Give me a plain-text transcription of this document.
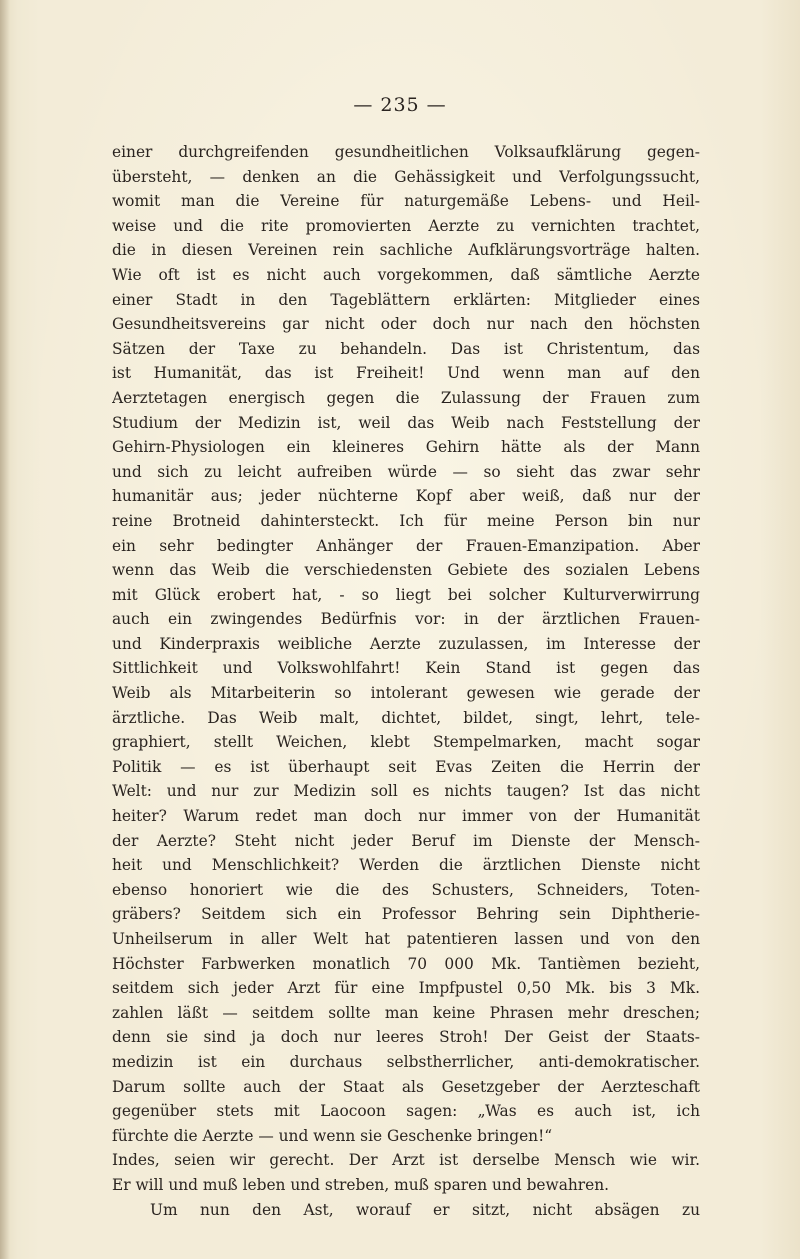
— 235 —
einer durchgreifenden gesundheitlichen Volksaufklärung gegen-
übersteht, — denken an die Gehässigkeit und Verfolgungssucht,
womit man die Vereine für naturgemäße Lebens- und Heil-
weise und die rite promovierten Aerzte zu vernichten trachtet,
die in diesen Vereinen rein sachliche Aufklärungsvorträge halten.
Wie oft ist es nicht auch vorgekommen, daß sämtliche Aerzte
einer Stadt in den Tageblättern erklärten: Mitglieder eines
Gesundheitsvereins gar nicht oder doch nur nach den höchsten
Sätzen der Taxe zu behandeln. Das ist Christentum, das
ist Humanität, das ist Freiheit! Und wenn man auf den
Aerztetagen energisch gegen die Zulassung der Frauen zum
Studium der Medizin ist, weil das Weib nach Feststellung der
Gehirn-Physiologen ein kleineres Gehirn hätte als der Mann
und sich zu leicht aufreiben würde — so sieht das zwar sehr
humanitär aus; jeder nüchterne Kopf aber weiß, daß nur der
reine Brotneid dahintersteckt. Ich für meine Person bin nur
ein sehr bedingter Anhänger der Frauen-Emanzipation. Aber
wenn das Weib die verschiedensten Gebiete des sozialen Lebens
mit Glück erobert hat, - so liegt bei solcher Kulturverwirrung
auch ein zwingendes Bedürfnis vor: in der ärztlichen Frauen-
und Kinderpraxis weibliche Aerzte zuzulassen, im Interesse der
Sittlichkeit und Volkswohlfahrt! Kein Stand ist gegen das
Weib als Mitarbeiterin so intolerant gewesen wie gerade der
ärztliche. Das Weib malt, dichtet, bildet, singt, lehrt, tele-
graphiert, stellt Weichen, klebt Stempelmarken, macht sogar
Politik — es ist überhaupt seit Evas Zeiten die Herrin der
Welt: und nur zur Medizin soll es nichts taugen? Ist das nicht
heiter? Warum redet man doch nur immer von der Humanität
der Aerzte? Steht nicht jeder Beruf im Dienste der Mensch-
heit und Menschlichkeit? Werden die ärztlichen Dienste nicht
ebenso honoriert wie die des Schusters, Schneiders, Toten-
gräbers? Seitdem sich ein Professor Behring sein Diphtherie-
Unheilserum in aller Welt hat patentieren lassen und von den
Höchster Farbwerken monatlich 70 000 Mk. Tantièmen bezieht,
seitdem sich jeder Arzt für eine Impfpustel 0,50 Mk. bis 3 Mk.
zahlen läßt — seitdem sollte man keine Phrasen mehr dreschen;
denn sie sind ja doch nur leeres Stroh! Der Geist der Staats-
medizin ist ein durchaus selbstherrlicher, anti-demokratischer.
Darum sollte auch der Staat als Gesetzgeber der Aerzteschaft
gegenüber stets mit Laocoon sagen: „Was es auch ist, ich
fürchte die Aerzte — und wenn sie Geschenke bringen!“
Indes, seien wir gerecht. Der Arzt ist derselbe Mensch wie wir.
Er will und muß leben und streben, muß sparen und bewahren.
Um nun den Ast, worauf er sitzt, nicht absägen zu
